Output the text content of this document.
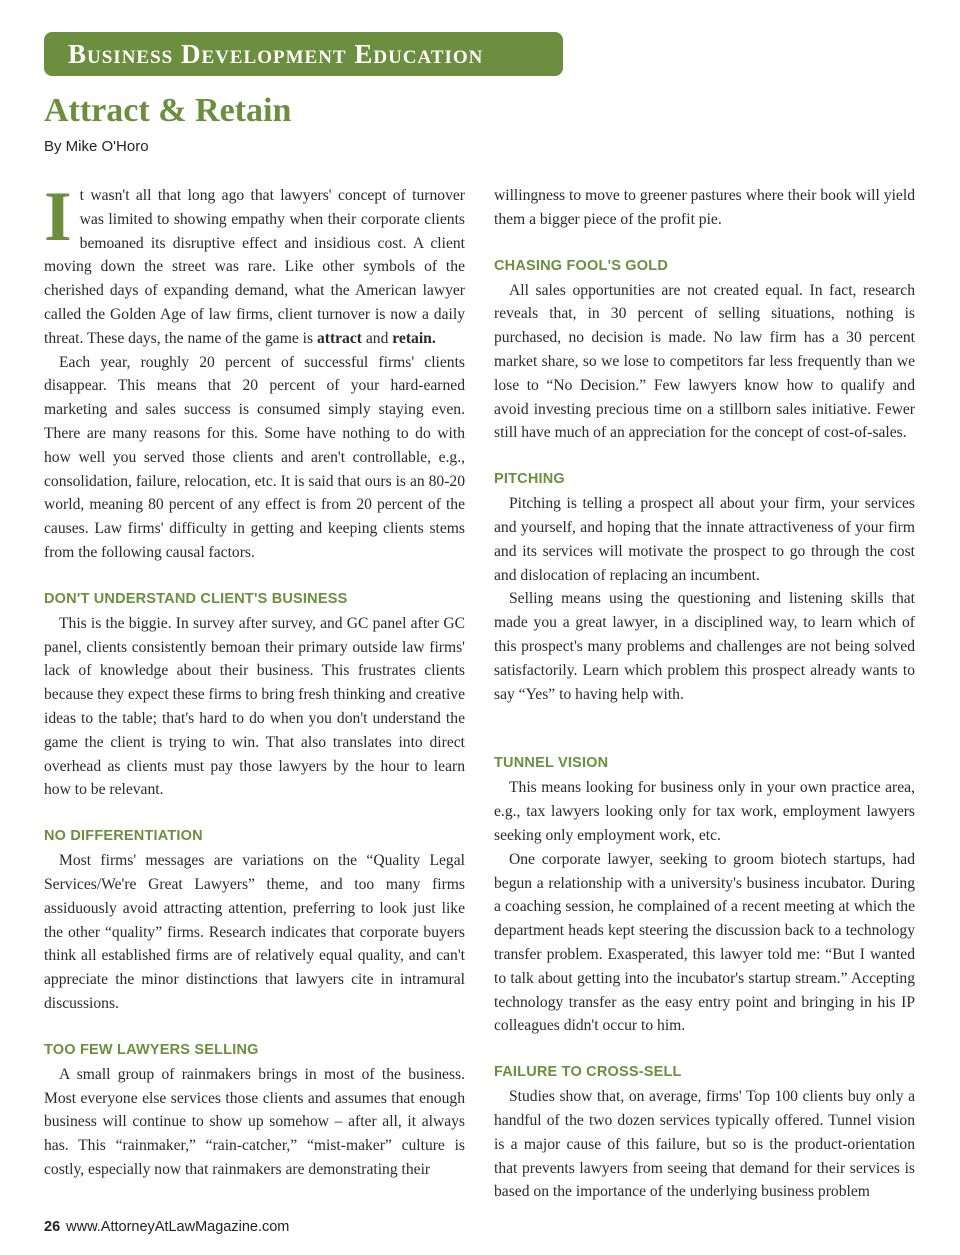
Business Development Education
Attract & Retain
By Mike O'Horo

It wasn't all that long ago that lawyers' concept of turnover was limited to showing empathy when their corporate clients bemoaned its disruptive effect and insidious cost. A client moving down the street was rare. Like other symbols of the cherished days of expanding demand, what the American lawyer called the Golden Age of law firms, client turnover is now a daily threat. These days, the name of the game is attract and retain.

Each year, roughly 20 percent of successful firms' clients disappear. This means that 20 percent of your hard-earned marketing and sales success is consumed simply staying even. There are many reasons for this. Some have nothing to do with how well you served those clients and aren't controllable, e.g., consolidation, failure, relocation, etc. It is said that ours is an 80-20 world, meaning 80 percent of any effect is from 20 percent of the causes. Law firms' difficulty in getting and keeping clients stems from the following causal factors.

DON'T UNDERSTAND CLIENT'S BUSINESS

This is the biggie. In survey after survey, and GC panel after GC panel, clients consistently bemoan their primary outside law firms' lack of knowledge about their business. This frustrates clients because they expect these firms to bring fresh thinking and creative ideas to the table; that's hard to do when you don't understand the game the client is trying to win. That also translates into direct overhead as clients must pay those lawyers by the hour to learn how to be relevant.

NO DIFFERENTIATION

Most firms' messages are variations on the “Quality Legal Services/We're Great Lawyers” theme, and too many firms assiduously avoid attracting attention, preferring to look just like the other “quality” firms. Research indicates that corporate buyers think all established firms are of relatively equal quality, and can't appreciate the minor distinctions that lawyers cite in intramural discussions.

TOO FEW LAWYERS SELLING

A small group of rainmakers brings in most of the business. Most everyone else services those clients and assumes that enough business will continue to show up somehow – after all, it always has. This “rainmaker,” “rain-catcher,” “mist-maker” culture is costly, especially now that rainmakers are demonstrating their

willingness to move to greener pastures where their book will yield them a bigger piece of the profit pie.

CHASING FOOL'S GOLD

All sales opportunities are not created equal. In fact, research reveals that, in 30 percent of selling situations, nothing is purchased, no decision is made. No law firm has a 30 percent market share, so we lose to competitors far less frequently than we lose to “No Decision.” Few lawyers know how to qualify and avoid investing precious time on a stillborn sales initiative. Fewer still have much of an appreciation for the concept of cost-of-sales.

PITCHING

Pitching is telling a prospect all about your firm, your services and yourself, and hoping that the innate attractiveness of your firm and its services will motivate the prospect to go through the cost and dislocation of replacing an incumbent.

Selling means using the questioning and listening skills that made you a great lawyer, in a disciplined way, to learn which of this prospect's many problems and challenges are not being solved satisfactorily. Learn which problem this prospect already wants to say “Yes” to having help with.

TUNNEL VISION

This means looking for business only in your own practice area, e.g., tax lawyers looking only for tax work, employment lawyers seeking only employment work, etc.

One corporate lawyer, seeking to groom biotech startups, had begun a relationship with a university's business incubator. During a coaching session, he complained of a recent meeting at which the department heads kept steering the discussion back to a technology transfer problem. Exasperated, this lawyer told me: “But I wanted to talk about getting into the incubator's startup stream.” Accepting technology transfer as the easy entry point and bringing in his IP colleagues didn't occur to him.

FAILURE TO CROSS-SELL

Studies show that, on average, firms' Top 100 clients buy only a handful of the two dozen services typically offered. Tunnel vision is a major cause of this failure, but so is the product-orientation that prevents lawyers from seeing that demand for their services is based on the importance of the underlying business problem

26 www.AttorneyAtLawMagazine.com
